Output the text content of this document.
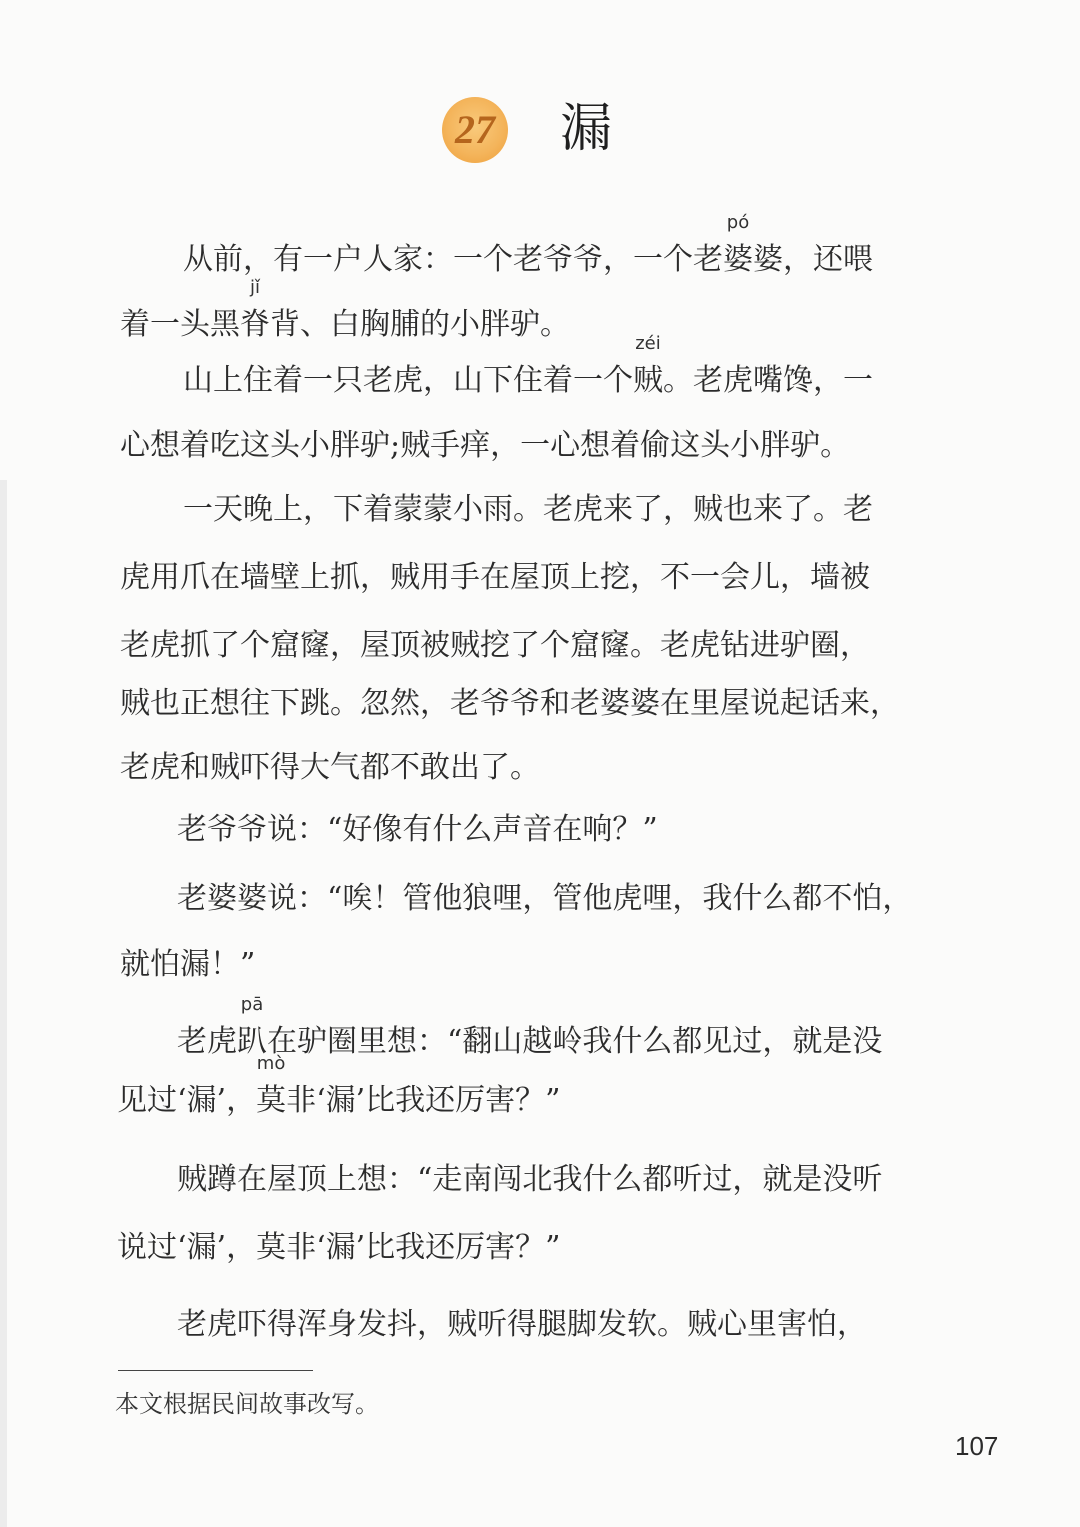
27 漏
从前，有一户人家：一个老爷爷，一个老
pó
婆婆，还喂
着一头黑
jǐ
脊背、白胸脯的小胖驴。
山上住着一只老虎，山下住着一个
zéi
贼。老虎嘴馋，一
心想着吃这头小胖驴;贼手痒，一心想着偷这头小胖驴。
一天晚上，下着蒙蒙小雨。老虎来了，贼也来了。老
虎用爪在墙壁上抓，贼用手在屋顶上挖，不一会儿，墙被
老虎抓了个窟窿，屋顶被贼挖了个窟窿。老虎钻进驴圈，
贼也正想往下跳。忽然，老爷爷和老婆婆在里屋说起话来，
老虎和贼吓得大气都不敢出了。
老爷爷说：“好像有什么声音在响？”
老婆婆说：“唉！管他狼哩，管他虎哩，我什么都不怕，
就怕漏！”
老虎
pā
趴在驴圈里想：“翻山越岭我什么都见过，就是没
见过‘漏’，
mò
莫非‘漏’比我还厉害？”
贼蹲在屋顶上想：“走南闯北我什么都听过，就是没听
说过‘漏’，莫非‘漏’比我还厉害？”
老虎吓得浑身发抖，贼听得腿脚发软。贼心里害怕，
本文根据民间故事改写。
107
